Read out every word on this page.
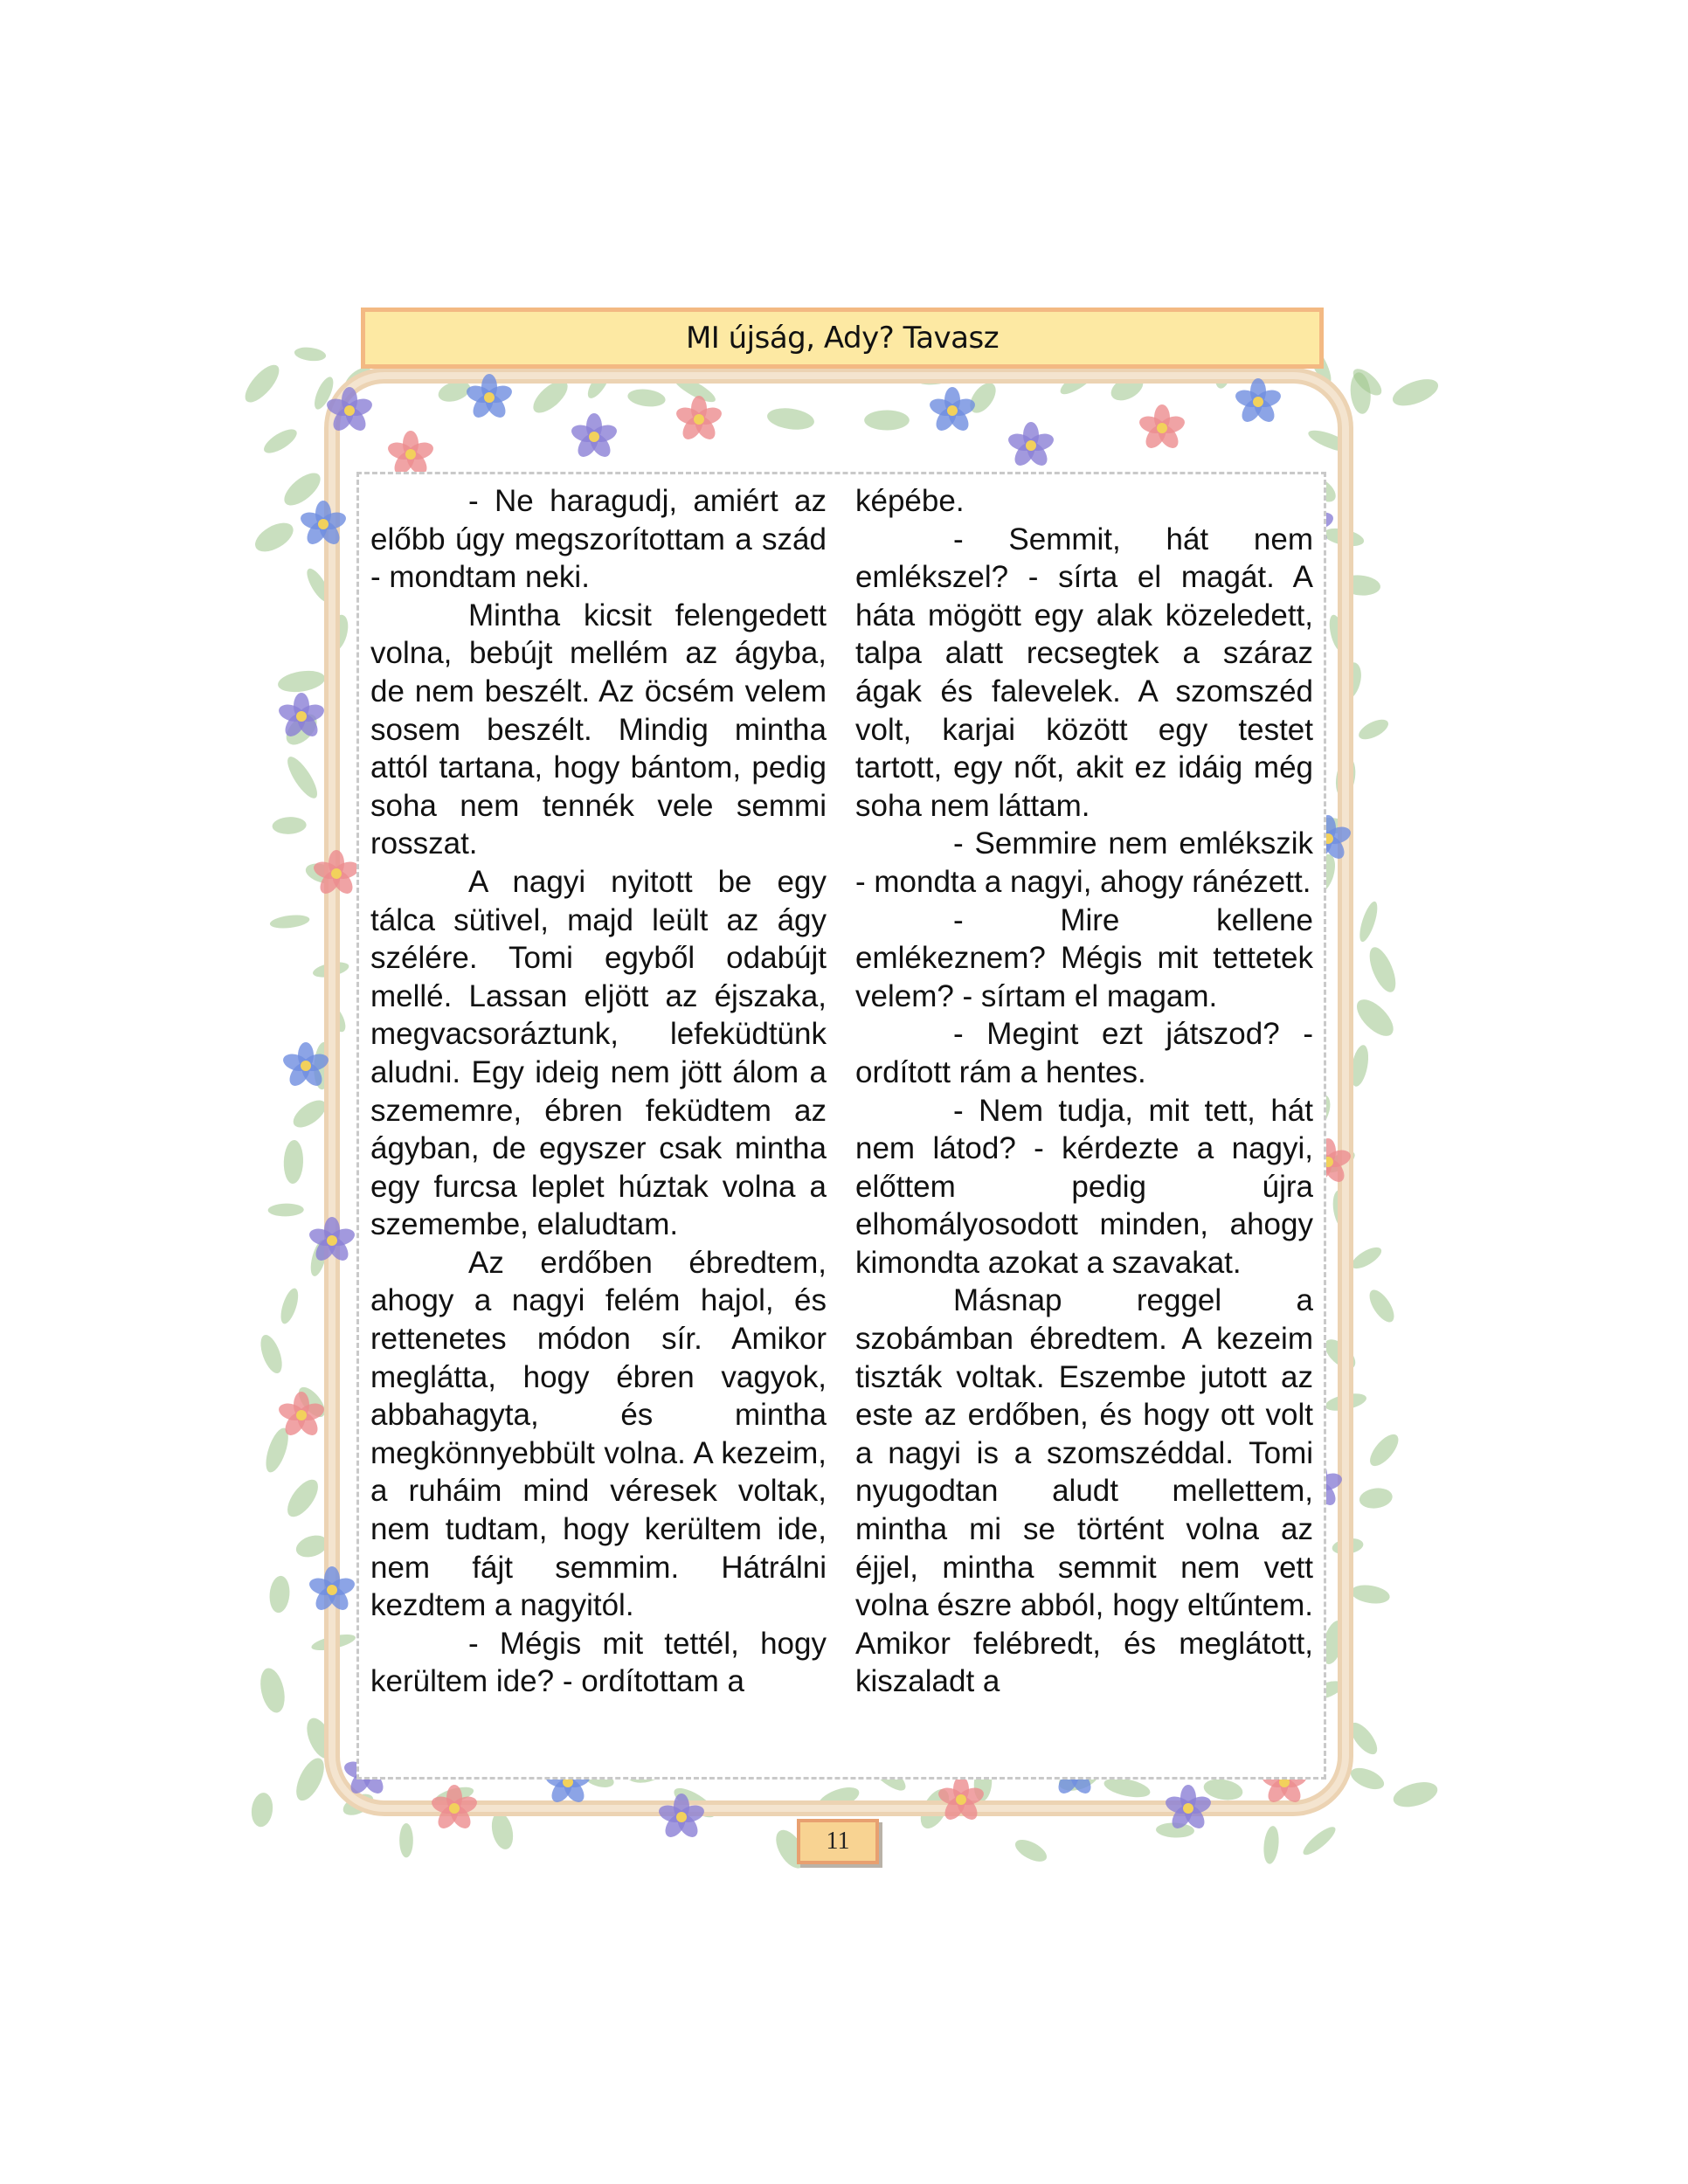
MI újság, Ady? Tavasz

- Ne haragudj, amiért az előbb úgy megszorítottam a szád - mondtam neki.

Mintha kicsit felengedett volna, bebújt mellém az ágyba, de nem beszélt. Az öcsém velem sosem beszélt. Mindig mintha attól tartana, hogy bántom, pedig soha nem tennék vele semmi rosszat.

A nagyi nyitott be egy tálca sütivel, majd leült az ágy szélére. Tomi egyből odabújt mellé. Lassan eljött az éjszaka, megvacsoráztunk, lefeküdtünk aludni. Egy ideig nem jött álom a szememre, ébren feküdtem az ágyban, de egyszer csak mintha egy furcsa leplet húztak volna a szemembe, elaludtam.

Az erdőben ébredtem, ahogy a nagyi felém hajol, és rettenetes módon sír. Amikor meglátta, hogy ébren vagyok, abbahagyta, és mintha megkönnyebbült volna. A kezeim, a ruháim mind véresek voltak, nem tudtam, hogy kerültem ide, nem fájt semmim. Hátrálni kezdtem a nagyitól.

- Mégis mit tettél, hogy kerültem ide? - ordítottam a

képébe.

- Semmit, hát nem emlékszel? - sírta el magát. A háta mögött egy alak közeledett, talpa alatt recsegtek a száraz ágak és falevelek. A szomszéd volt, karjai között egy testet tartott, egy nőt, akit ez idáig még soha nem láttam.

- Semmire nem emlékszik - mondta a nagyi, ahogy ránézett.

- Mire kellene emlékeznem? Mégis mit tettetek velem? - sírtam el magam.

- Megint ezt játszod? - ordított rám a hentes.

- Nem tudja, mit tett, hát nem látod? - kérdezte a nagyi, előttem pedig újra elhomályosodott minden, ahogy kimondta azokat a szavakat.

Másnap reggel a szobámban ébredtem. A kezeim tiszták voltak. Eszembe jutott az este az erdőben, és hogy ott volt a nagyi is a szomszéddal. Tomi nyugodtan aludt mellettem, mintha mi se történt volna az éjjel, mintha semmit nem vett volna észre abból, hogy eltűntem. Amikor felébredt, és meglátott, kiszaladt a

11
